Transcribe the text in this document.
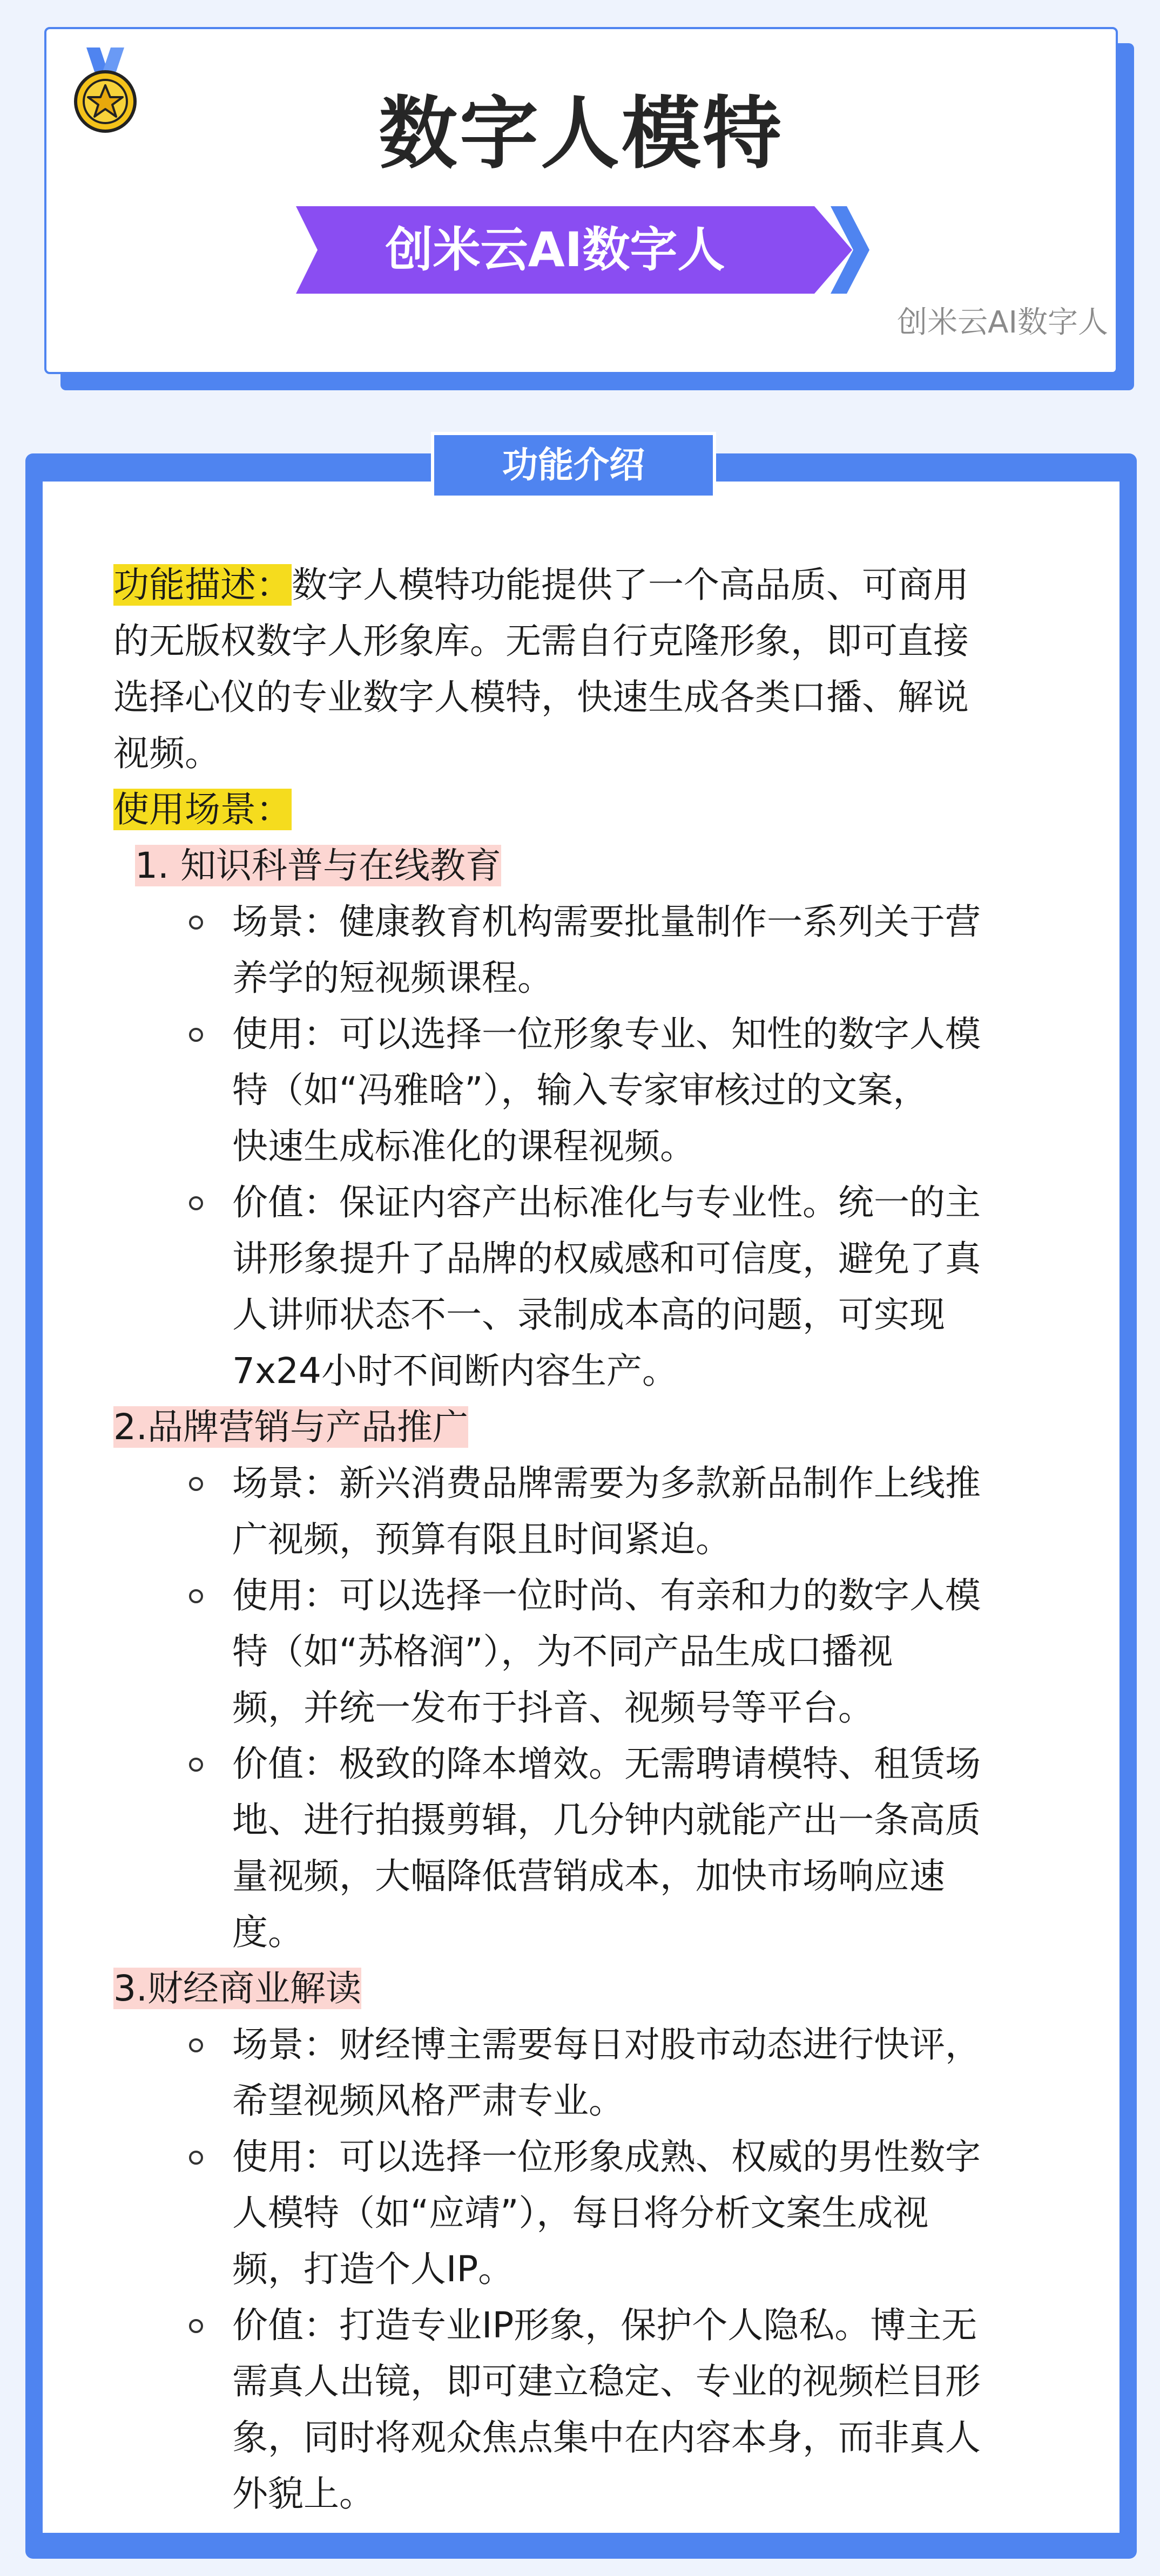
数字人模特
创米云AI数字人
创米云AI数字人
功能介绍
功能描述：数字人模特功能提供了一个高品质、可商用
的无版权数字人形象库。无需自行克隆形象，即可直接
选择心仪的专业数字人模特，快速生成各类口播、解说
视频。
使用场景：
1. 知识科普与在线教育
场景：健康教育机构需要批量制作一系列关于营
养学的短视频课程。
使用：可以选择一位形象专业、知性的数字人模
特（如“冯雅晗”），输入专家审核过的文案，
快速生成标准化的课程视频。
价值：保证内容产出标准化与专业性。统一的主
讲形象提升了品牌的权威感和可信度，避免了真
人讲师状态不一、录制成本高的问题，可实现
7x24小时不间断内容生产。
2.品牌营销与产品推广
场景：新兴消费品牌需要为多款新品制作上线推
广视频，预算有限且时间紧迫。
使用：可以选择一位时尚、有亲和力的数字人模
特（如“苏格润”），为不同产品生成口播视
频，并统一发布于抖音、视频号等平台。
价值：极致的降本增效。无需聘请模特、租赁场
地、进行拍摄剪辑，几分钟内就能产出一条高质
量视频，大幅降低营销成本，加快市场响应速
度。
3.财经商业解读
场景：财经博主需要每日对股市动态进行快评，
希望视频风格严肃专业。
使用：可以选择一位形象成熟、权威的男性数字
人模特（如“应靖”），每日将分析文案生成视
频，打造个人IP。
价值：打造专业IP形象，保护个人隐私。博主无
需真人出镜，即可建立稳定、专业的视频栏目形
象，同时将观众焦点集中在内容本身，而非真人
外貌上。
